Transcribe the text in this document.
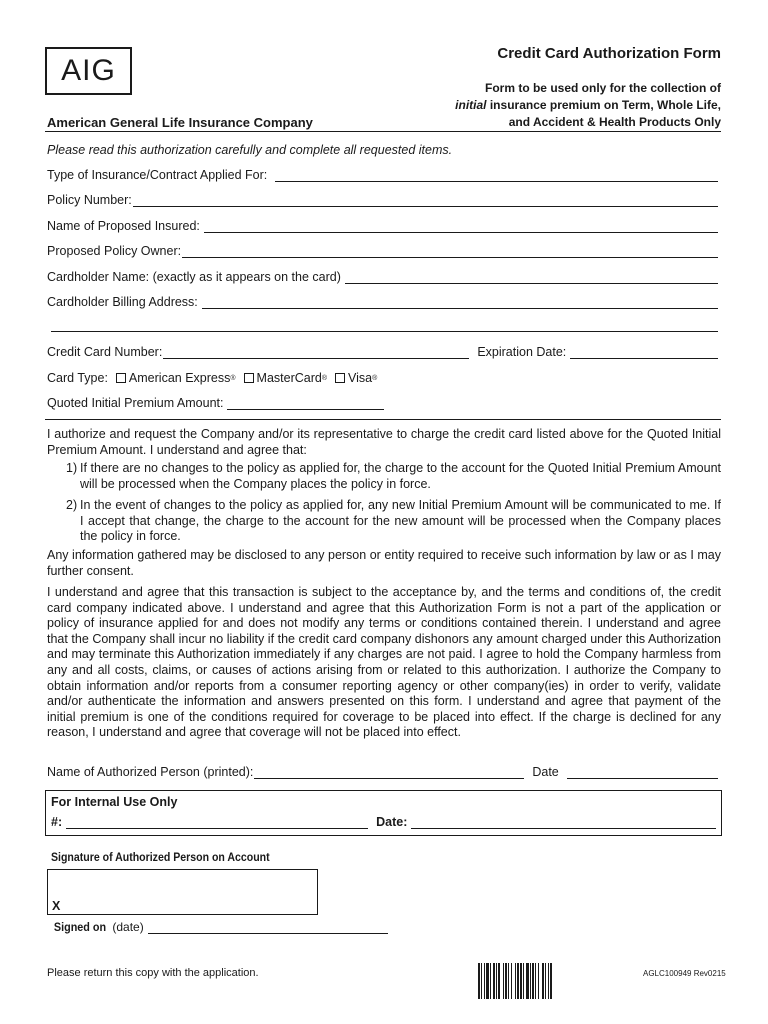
AIG
Credit Card Authorization Form
Form to be used only for the collection of
initial insurance premium on Term, Whole Life, and Accident & Health Products Only
American General Life Insurance Company
Please read this authorization carefully and complete all requested items.
Type of Insurance/Contract Applied For:
Policy Number:
Name of Proposed Insured:
Proposed Policy Owner:
Cardholder Name: (exactly as it appears on the card)
Cardholder Billing Address:
Credit Card Number:	Expiration Date:
Card Type: American Express ® MasterCard ® Visa ®
Quoted Initial Premium Amount:
I authorize and request the Company and/or its representative to charge the credit card listed above for the Quoted Initial Premium Amount. I understand and agree that:
1) If there are no changes to the policy as applied for, the charge to the account for the Quoted Initial Premium Amount will be processed when the Company places the policy in force.
2) In the event of changes to the policy as applied for, any new Initial Premium Amount will be communicated to me. If I accept that change, the charge to the account for the new amount will be processed when the Company places the policy in force.
Any information gathered may be disclosed to any person or entity required to receive such information by law or as I may further consent.
I understand and agree that this transaction is subject to the acceptance by, and the terms and conditions of, the credit card company indicated above. I understand and agree that this Authorization Form is not a part of the application or policy of insurance applied for and does not modify any terms or conditions contained therein. I understand and agree that the Company shall incur no liability if the credit card company dishonors any amount charged under this Authorization and may terminate this Authorization immediately if any charges are not paid. I agree to hold the Company harmless from any and all costs, claims, or causes of actions arising from or related to this authorization. I authorize the Company to obtain information and/or reports from a consumer reporting agency or other company(ies) in order to verify, validate and/or authenticate the information and answers presented on this form. I understand and agree that payment of the initial premium is one of the conditions required for coverage to be placed into effect. If the charge is declined for any reason, I understand and agree that coverage will not be placed into effect.
Name of Authorized Person (printed):	Date
For Internal Use Only
#:	Date:
Signature of Authorized Person on Account
X
Signed on
(date)
Please return this copy with the application.	AGLC100949 Rev0215
